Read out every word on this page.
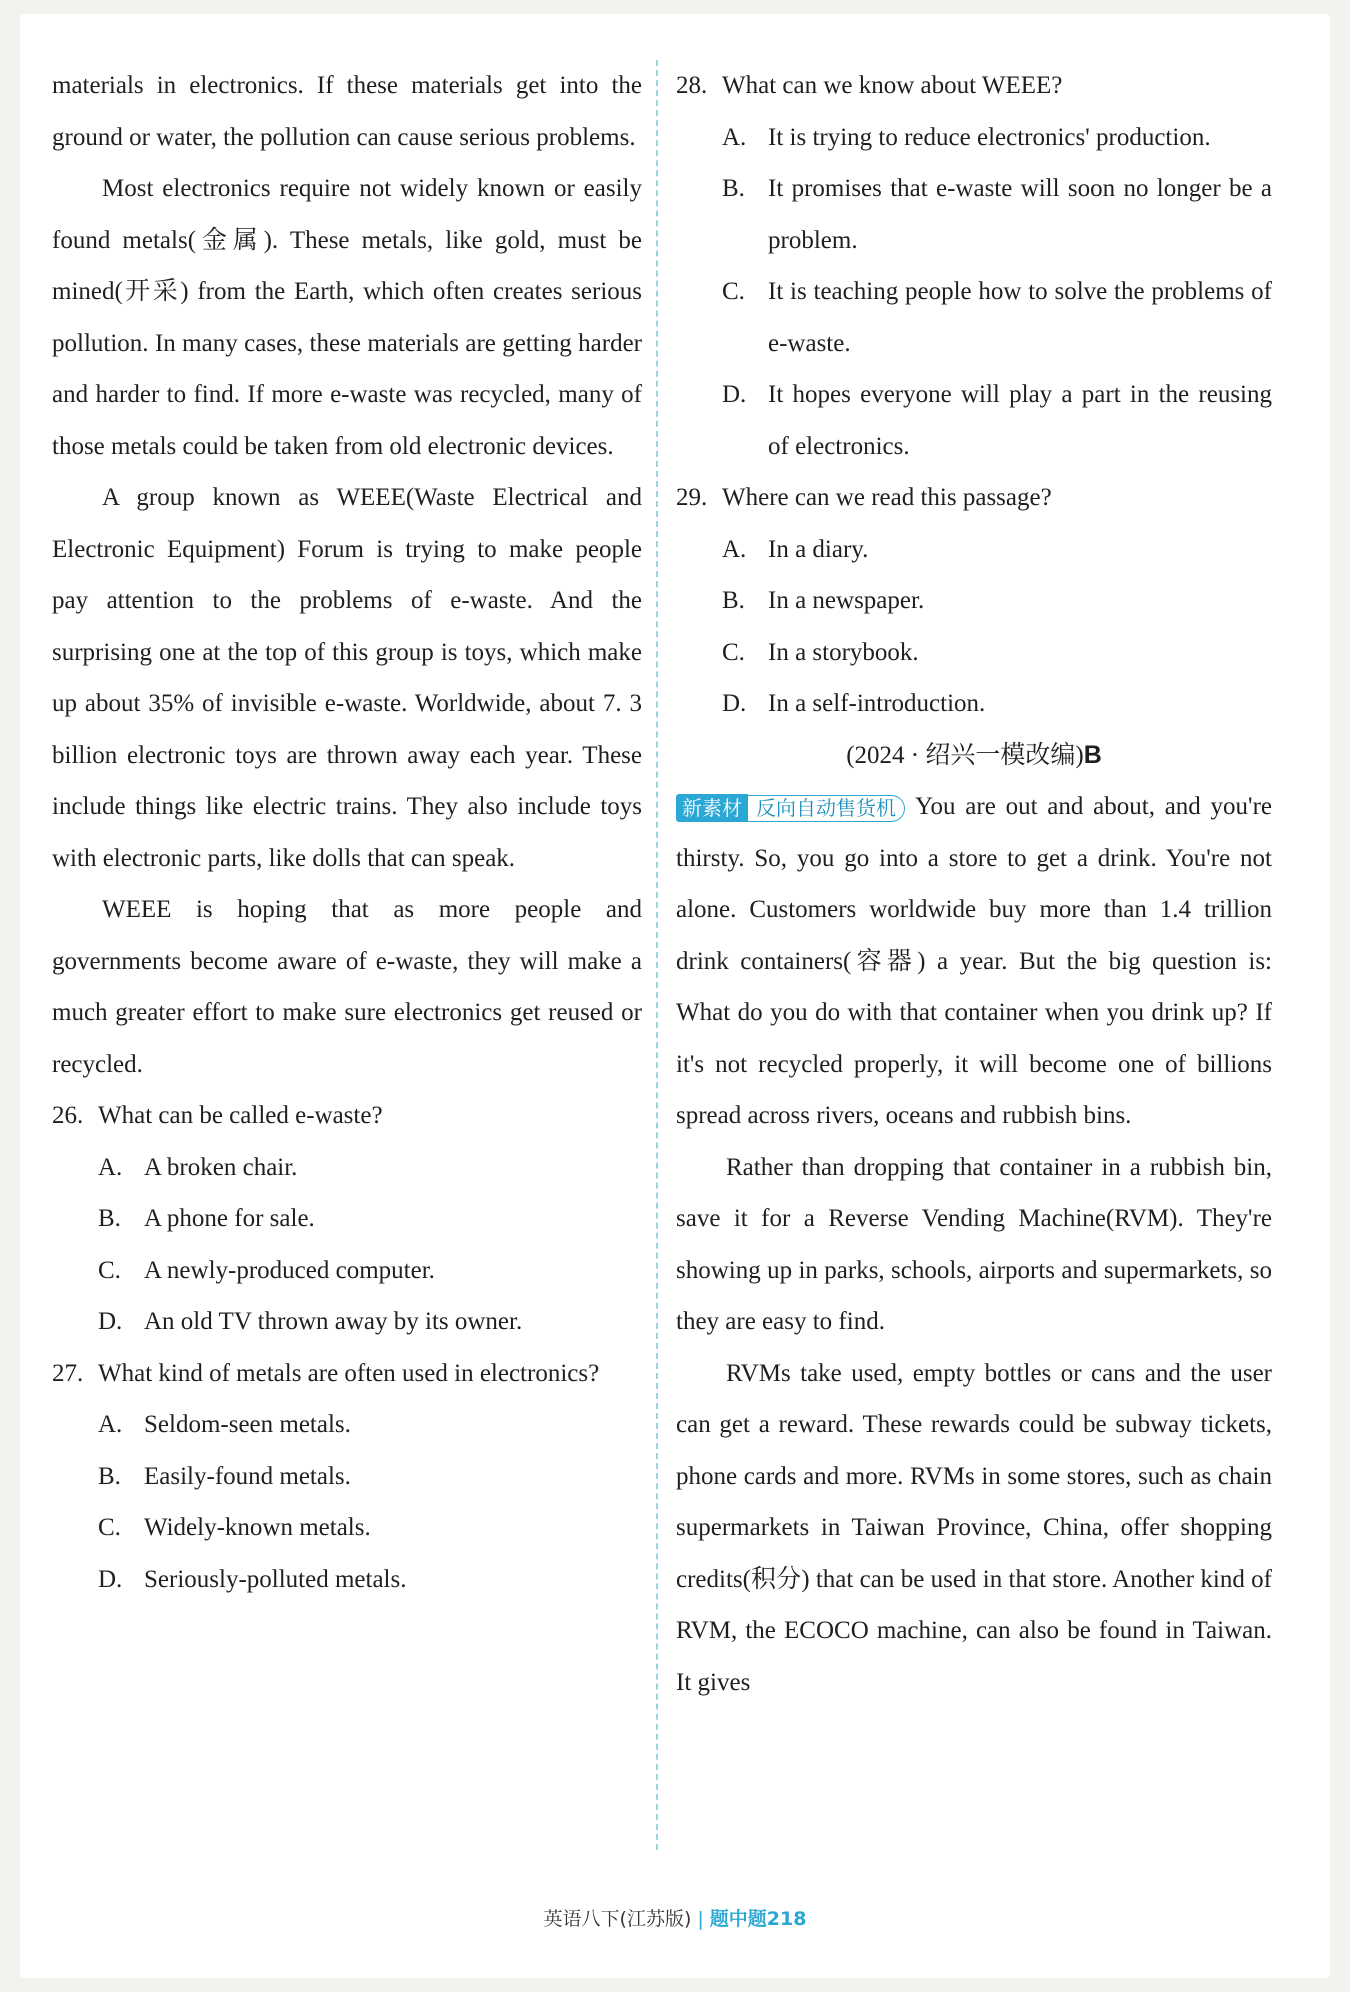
materials in electronics. If these materials get into the ground or water, the pollution can cause serious problems.

Most electronics require not widely known or easily found metals(金属). These metals, like gold, must be mined(开采) from the Earth, which often creates serious pollution. In many cases, these materials are getting harder and harder to find. If more e-waste was recycled, many of those metals could be taken from old electronic devices.

A group known as WEEE(Waste Electrical and Electronic Equipment) Forum is trying to make people pay attention to the problems of e-waste. And the surprising one at the top of this group is toys, which make up about 35% of invisible e-waste. Worldwide, about 7. 3 billion electronic toys are thrown away each year. These include things like electric trains. They also include toys with electronic parts, like dolls that can speak.

WEEE is hoping that as more people and governments become aware of e-waste, they will make a much greater effort to make sure electronics get reused or recycled.

26. What can be called e-waste?

A. A broken chair.

B. A phone for sale.

C. A newly-produced computer.

D. An old TV thrown away by its owner.

27. What kind of metals are often used in electronics?

A. Seldom-seen metals.

B. Easily-found metals.

C. Widely-known metals.

D. Seriously-polluted metals.

28. What can we know about WEEE?

A. It is trying to reduce electronics' production.

B. It promises that e-waste will soon no longer be a problem.

C. It is teaching people how to solve the problems of e-waste.

D. It hopes everyone will play a part in the reusing of electronics.

29. Where can we read this passage?

A. In a diary.

B. In a newspaper.

C. In a storybook.

D. In a self-introduction.

(2024 · 绍兴一模改编)B

新素材 反向自动售货机 You are out and about, and you're thirsty. So, you go into a store to get a drink. You're not alone. Customers worldwide buy more than 1.4 trillion drink containers(容器) a year. But the big question is: What do you do with that container when you drink up? If it's not recycled properly, it will become one of billions spread across rivers, oceans and rubbish bins.

Rather than dropping that container in a rubbish bin, save it for a Reverse Vending Machine(RVM). They're showing up in parks, schools, airports and supermarkets, so they are easy to find.

RVMs take used, empty bottles or cans and the user can get a reward. These rewards could be subway tickets, phone cards and more. RVMs in some stores, such as chain supermarkets in Taiwan Province, China, offer shopping credits(积分) that can be used in that store. Another kind of RVM, the ECOCO machine, can also be found in Taiwan. It gives

英语八下(江苏版) | 题中题218
